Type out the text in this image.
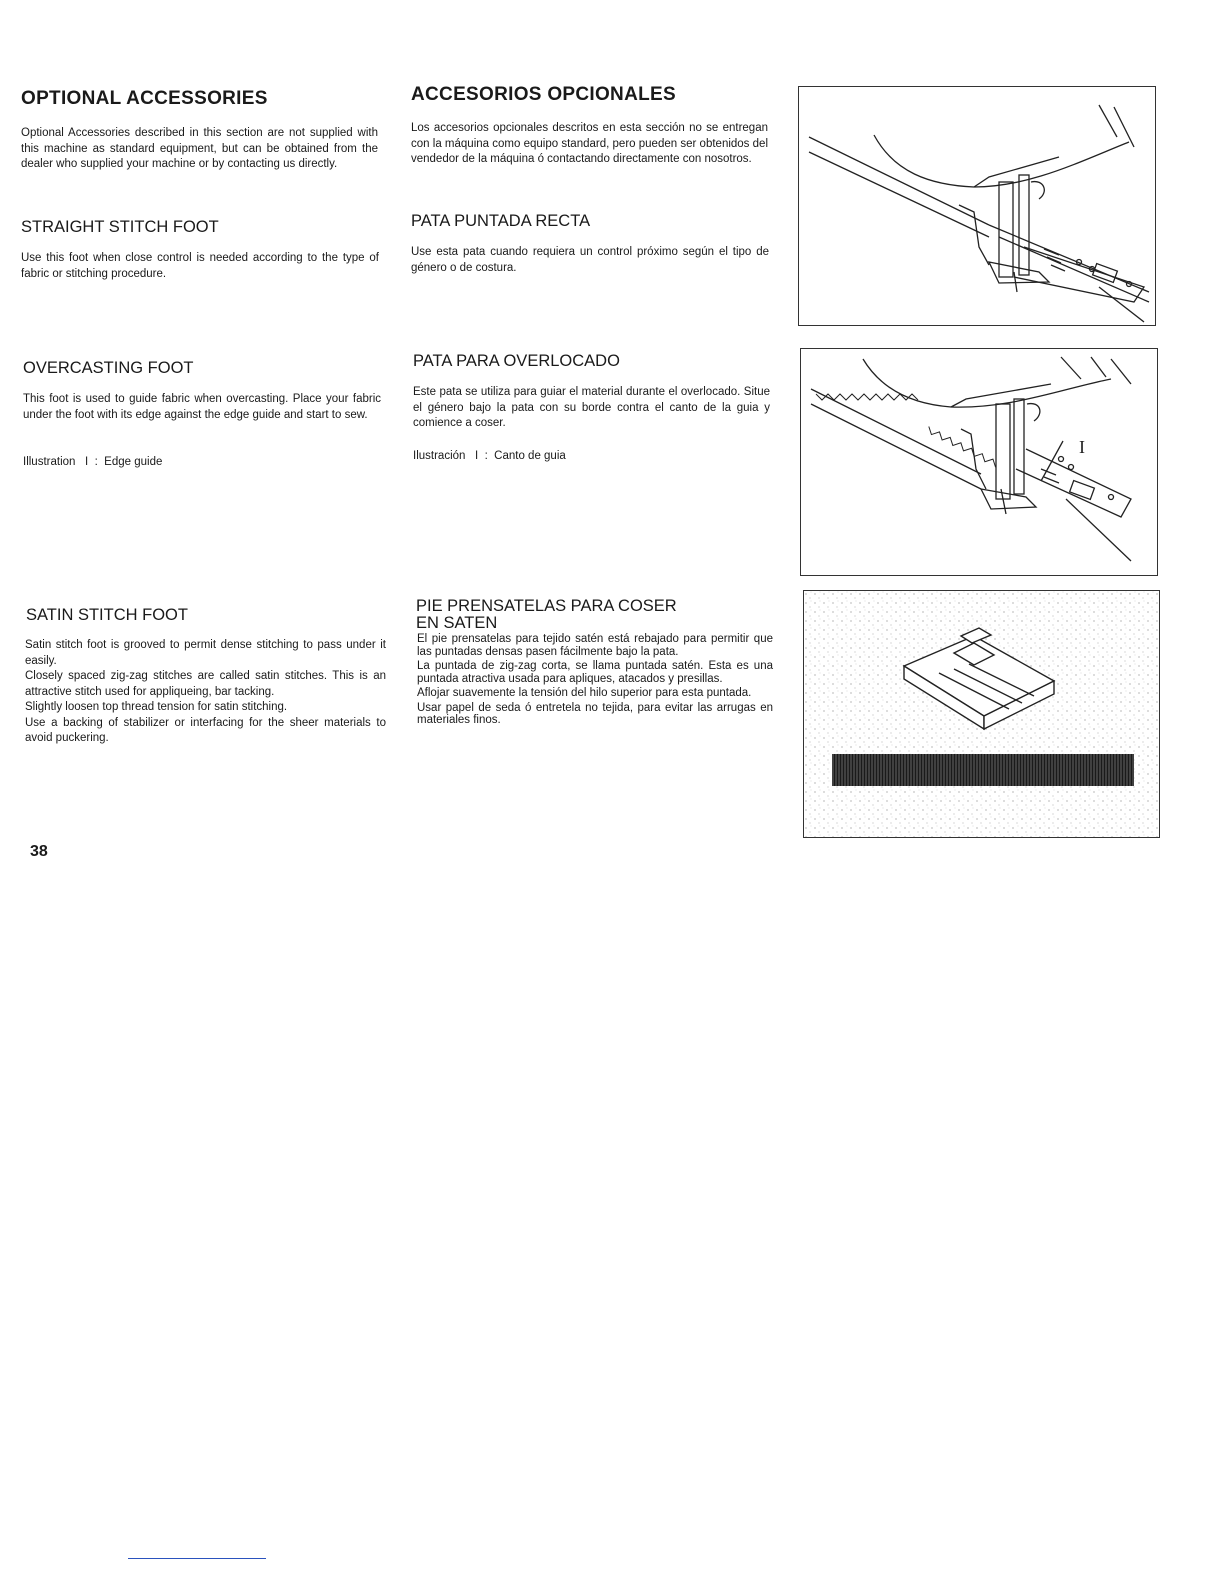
OPTIONAL ACCESSORIES

Optional Accessories described in this section are not supplied with this machine as standard equipment, but can be obtained from the dealer who supplied your machine or by contacting us directly.

STRAIGHT STITCH FOOT

Use this foot when close control is needed according to the type of fabric or stitching procedure.

OVERCASTING FOOT

This foot is used to guide fabric when overcasting. Place your fabric under the foot with its edge against the edge guide and start to sew.

Illustration   I  :  Edge guide

SATIN STITCH FOOT

Satin stitch foot is grooved to permit dense stitching to pass under it easily.

Closely spaced zig-zag stitches are called satin stitches. This is an attractive stitch used for appliqueing, bar tacking.

Slightly loosen top thread tension for satin stitching.

Use a backing of stabilizer or interfacing for the sheer materials to avoid puckering.

38
ACCESORIOS OPCIONALES

Los accesorios opcionales descritos en esta sección no se entregan con la máquina como equipo standard, pero pueden ser obtenidos del vendedor de la máquina ó contactando directamente con nosotros.

PATA PUNTADA RECTA

Use esta pata cuando requiera un control próximo según el tipo de género o de costura.

PATA PARA OVERLOCADO

Este pata se utiliza para guiar el material durante el overlocado. Situe el género bajo la pata con su borde contra el canto de la guia y comience a coser.

Ilustración   I  :  Canto de guia

PIE PRENSATELAS PARA COSER
EN SATEN

El pie prensatelas para tejido satén está rebajado para permitir que las puntadas densas pasen fácilmente bajo la pata.

La puntada de zig-zag corta, se llama puntada satén. Esta es una puntada atractiva usada para apliques, atacados y presillas.

Aflojar suavemente la tensión del hilo superior para esta puntada.

Usar papel de seda ó entretela no tejida, para evitar las arrugas en materiales finos.

I
